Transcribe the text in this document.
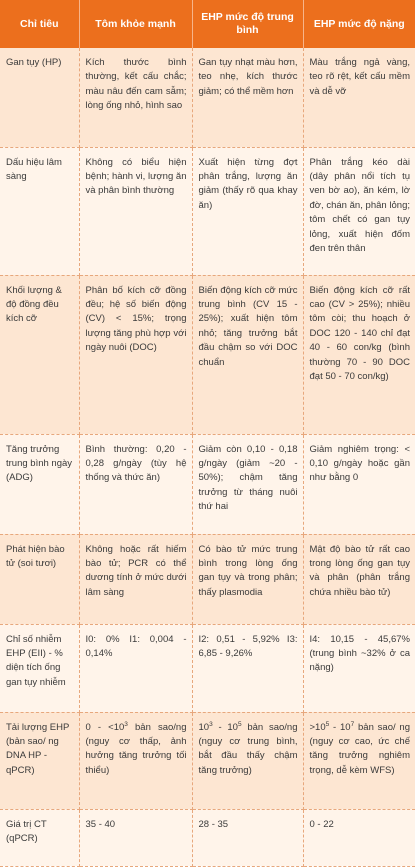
Chỉ tiêu	Tôm khỏe mạnh	EHP mức độ trung bình	EHP mức độ nặng
Gan tụy (HP)	Kích thước bình thường, kết cấu chắc; màu nâu đến cam sẫm; lòng ống nhỏ, hình sao	Gan tụy nhạt màu hơn, teo nhẹ, kích thước giảm; có thể mềm hơn	Màu trắng ngả vàng, teo rõ rệt, kết cấu mềm và dễ vỡ
Dấu hiệu lâm sàng	Không có biểu hiện bệnh; hành vi, lượng ăn và phân bình thường	Xuất hiện từng đợt phân trắng, lượng ăn giảm (thấy rõ qua khay ăn)	Phân trắng kéo dài (dây phân nổi tích tụ ven bờ ao), ăn kém, lờ đờ, chán ăn, phân lỏng; tôm chết có gan tụy lỏng, xuất hiện đốm đen trên thân
Khối lượng & độ đồng đều kích cỡ	Phân bố kích cỡ đồng đều; hệ số biến động (CV) < 15%; trọng lượng tăng phù hợp với ngày nuôi (DOC)	Biến động kích cỡ mức trung bình (CV 15 - 25%); xuất hiện tôm nhỏ; tăng trưởng bắt đầu chậm so với DOC chuẩn	Biến động kích cỡ rất cao (CV > 25%); nhiều tôm còi; thu hoạch ở DOC 120 - 140 chỉ đạt 40 - 60 con/kg (bình thường 70 - 90 DOC đạt 50 - 70 con/kg)
Tăng trưởng trung bình ngày (ADG)	Bình thường: 0,20 - 0,28 g/ngày (tùy hệ thống và thức ăn)	Giảm còn 0,10 - 0,18 g/ngày (giảm ~20 - 50%); chậm tăng trưởng từ tháng nuôi thứ hai	Giảm nghiêm trọng: < 0,10 g/ngày hoặc gần như bằng 0
Phát hiện bào tử (soi tươi)	Không hoặc rất hiếm bào tử; PCR có thể dương tính ở mức dưới lâm sàng	Có bào tử mức trung bình trong lòng ống gan tụy và trong phân; thấy plasmodia	Mật độ bào tử rất cao trong lòng ống gan tụy và phân (phân trắng chứa nhiều bào tử)
Chỉ số nhiễm EHP (EII) - % diện tích ống gan tụy nhiễm	I0: 0% I1: 0,004 - 0,14%	I2: 0,51 - 5,92% I3: 6,85 - 9,26%	I4: 10,15 - 45,67% (trung bình ~32% ở ca nặng)
Tải lượng EHP (bản sao/ ng DNA HP - qPCR)	$0 - <10^3$ bản sao/ng (nguy cơ thấp, ảnh hưởng tăng trưởng tối thiểu)	$10^3 - 10^5$ bản sao/ng (nguy cơ trung bình, bắt đầu thấy chậm tăng trưởng)	$>10^5 - 10^7$ bản sao/ ng (nguy cơ cao, ức chế tăng trưởng nghiêm trọng, dễ kèm WFS)
Giá trị CT (qPCR)	35 - 40	28 - 35	0 - 22
